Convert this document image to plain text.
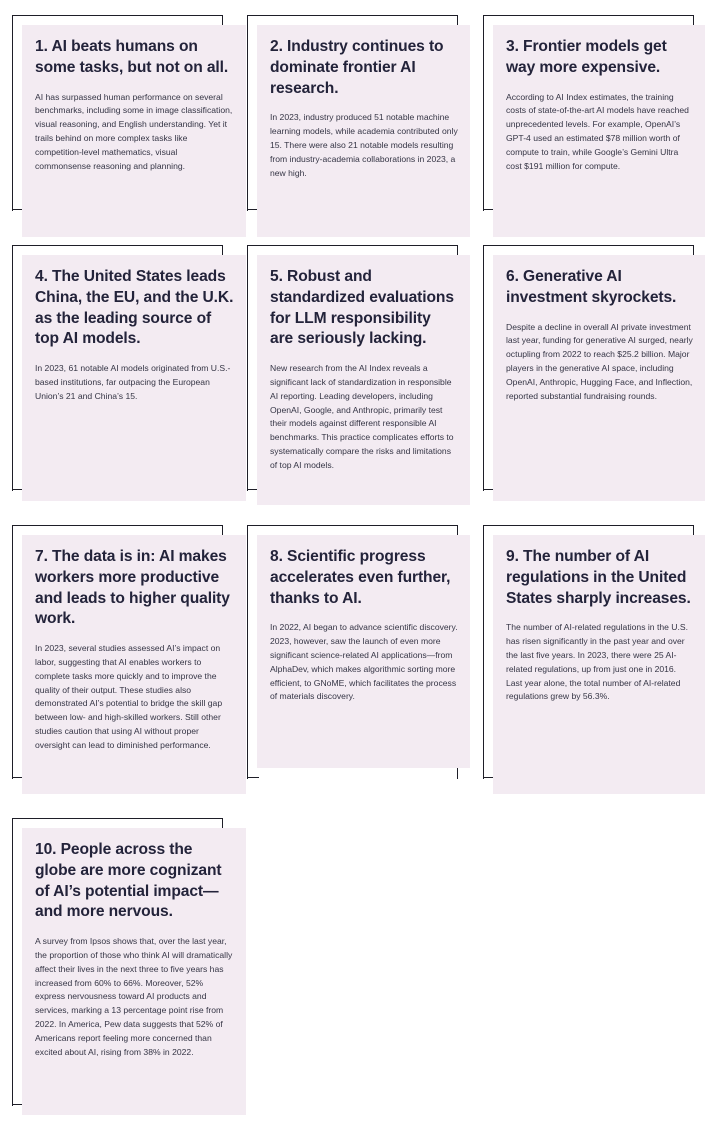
1. AI beats humans on some tasks, but not on all.

AI has surpassed human performance on several benchmarks, including some in image classification, visual reasoning, and English understanding. Yet it trails behind on more complex tasks like competition-level mathematics, visual commonsense reasoning and planning.

2. Industry continues to dominate frontier AI research.

In 2023, industry produced 51 notable machine learning models, while academia contributed only 15. There were also 21 notable models resulting from industry-academia collaborations in 2023, a new high.

3. Frontier models get way more expensive.

According to AI Index estimates, the training costs of state-of-the-art AI models have reached unprecedented levels. For example, OpenAI’s GPT-4 used an estimated $78 million worth of compute to train, while Google’s Gemini Ultra cost $191 million for compute.

4. The United States leads China, the EU, and the U.K. as the leading source of top AI models.

In 2023, 61 notable AI models originated from U.S.-based institutions, far outpacing the European Union’s 21 and China’s 15.

5. Robust and standardized evaluations for LLM responsibility are seriously lacking.

New research from the AI Index reveals a significant lack of standardization in responsible AI reporting. Leading developers, including OpenAI, Google, and Anthropic, primarily test their models against different responsible AI benchmarks. This practice complicates efforts to systematically compare the risks and limitations of top AI models.

6. Generative AI investment skyrockets.

Despite a decline in overall AI private investment last year, funding for generative AI surged, nearly octupling from 2022 to reach $25.2 billion. Major players in the generative AI space, including OpenAI, Anthropic, Hugging Face, and Inflection, reported substantial fundraising rounds.

7. The data is in: AI makes workers more productive and leads to higher quality work.

In 2023, several studies assessed AI’s impact on labor, suggesting that AI enables workers to complete tasks more quickly and to improve the quality of their output. These studies also demonstrated AI’s potential to bridge the skill gap between low- and high-skilled workers. Still other studies caution that using AI without proper oversight can lead to diminished performance.

8. Scientific progress accelerates even further, thanks to AI.

In 2022, AI began to advance scientific discovery. 2023, however, saw the launch of even more significant science-related AI applications—from AlphaDev, which makes algorithmic sorting more efficient, to GNoME, which facilitates the process of materials discovery.

9. The number of AI regulations in the United States sharply increases.

The number of AI-related regulations in the U.S. has risen significantly in the past year and over the last five years. In 2023, there were 25 AI-related regulations, up from just one in 2016. Last year alone, the total number of AI-related regulations grew by 56.3%.

10. People across the globe are more cognizant of AI’s potential impact—and more nervous.

A survey from Ipsos shows that, over the last year, the proportion of those who think AI will dramatically affect their lives in the next three to five years has increased from 60% to 66%. Moreover, 52% express nervousness toward AI products and services, marking a 13 percentage point rise from 2022. In America, Pew data suggests that 52% of Americans report feeling more concerned than excited about AI, rising from 38% in 2022.
